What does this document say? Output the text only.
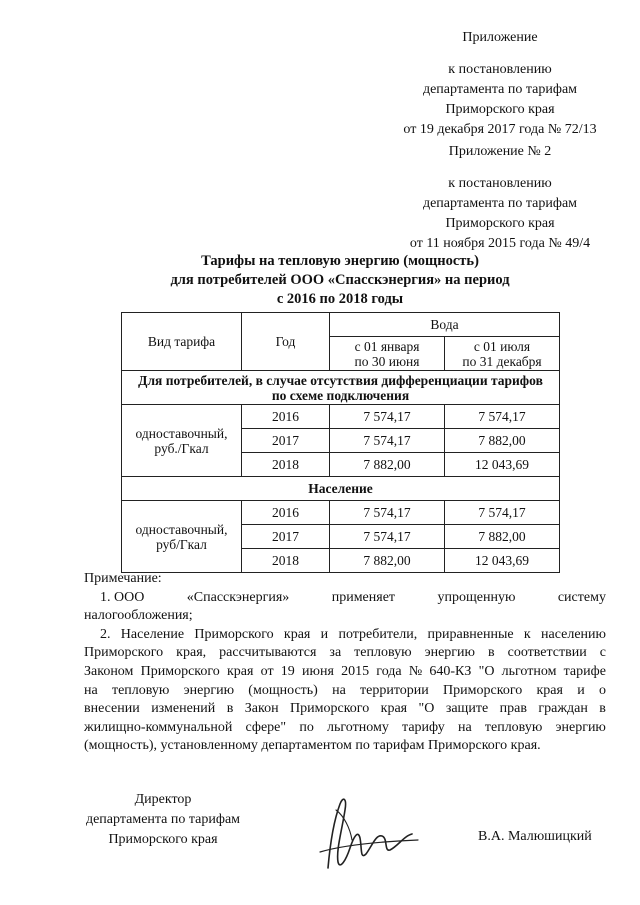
Приложение
к постановлению
департамента по тарифам
Приморского края
от 19 декабря 2017 года № 72/13
Приложение № 2
к постановлению
департамента по тарифам
Приморского края
от 11 ноября 2015 года № 49/4
Тарифы на тепловую энергию (мощность)
для потребителей ООО «Спасскэнергия» на период
с 2016 по 2018 годы
Вид тарифа	Год	Вода	
		с 01 января
по 30 июня	с 01 июля
по 31 декабря
Для потребителей, в случае отсутствия дифференциации тарифов
по схеме подключения			
одноставочный,
руб./Гкал	2016	7 574,17	7 574,17
	2017	7 574,17	7 882,00
	2018	7 882,00	12 043,69
Население			
одноставочный,
руб/Гкал	2016	7 574,17	7 574,17
	2017	7 574,17	7 882,00
	2018	7 882,00	12 043,69
Примечание:
1. ООО	«Спасскэнергия»	применяет	упрощенную	систему
налогообложения;
2. Население Приморского края и потребители, приравненные к населению
Приморского края, рассчитываются за тепловую энергию в соответствии с
Законом Приморского края от 19 июня 2015 года № 640-КЗ "О льготном тарифе
на тепловую энергию (мощность) на территории Приморского края и о
внесении изменений в Закон Приморского края "О защите прав граждан в
жилищно-коммунальной сфере" по льготному тарифу на тепловую энергию
(мощность), установленному департаментом по тарифам Приморского края.
Директор
департамента по тарифам
Приморского края	В.А. Малюшицкий
